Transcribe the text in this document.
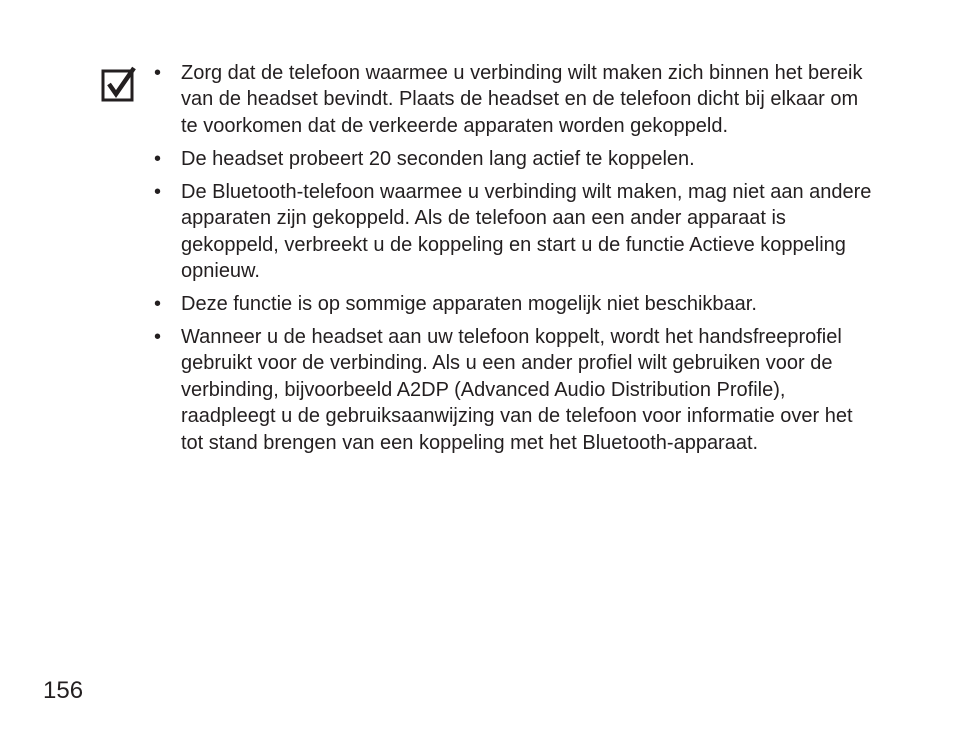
• Zorg dat de telefoon waarmee u verbinding wilt maken zich binnen het bereik van de headset bevindt. Plaats de headset en de telefoon dicht bij elkaar om te voorkomen dat de verkeerde apparaten worden gekoppeld.
• De headset probeert 20 seconden lang actief te koppelen.
• De Bluetooth-telefoon waarmee u verbinding wilt maken, mag niet aan andere apparaten zijn gekoppeld. Als de telefoon aan een ander apparaat is gekoppeld, verbreekt u de koppeling en start u de functie Actieve koppeling opnieuw.
• Deze functie is op sommige apparaten mogelijk niet beschikbaar.
• Wanneer u de headset aan uw telefoon koppelt, wordt het handsfreeprofiel gebruikt voor de verbinding. Als u een ander profiel wilt gebruiken voor de verbinding, bijvoorbeeld A2DP (Advanced Audio Distribution Profile), raadpleegt u de gebruiksaanwijzing van de telefoon voor informatie over het tot stand brengen van een koppeling met het Bluetooth-apparaat.
156
